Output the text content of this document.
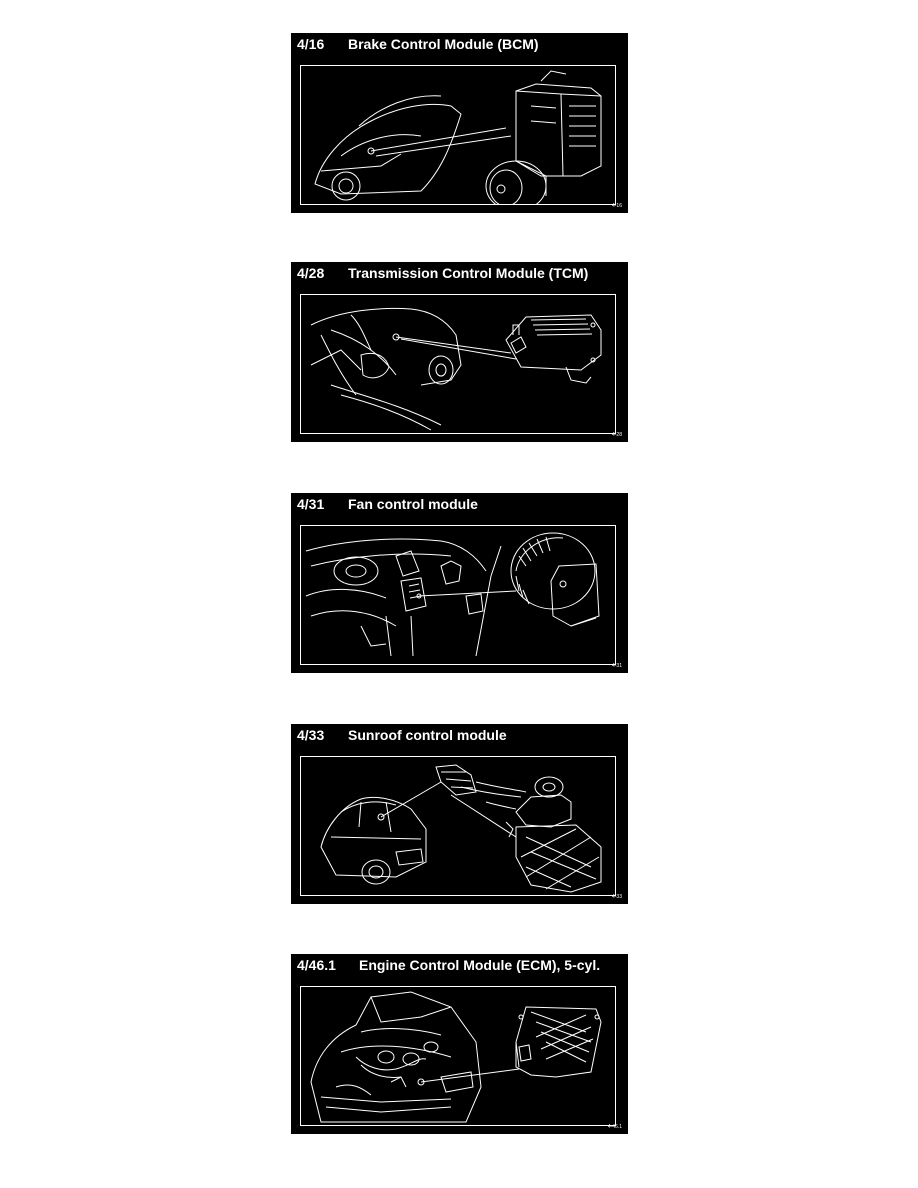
4/16 Brake Control Module (BCM)
4-16
4/28 Transmission Control Module (TCM)
4-28
4/31 Fan control module
4-31
4/33 Sunroof control module
4-33
4/46.1 Engine Control Module (ECM), 5-cyl.
4-46.1
